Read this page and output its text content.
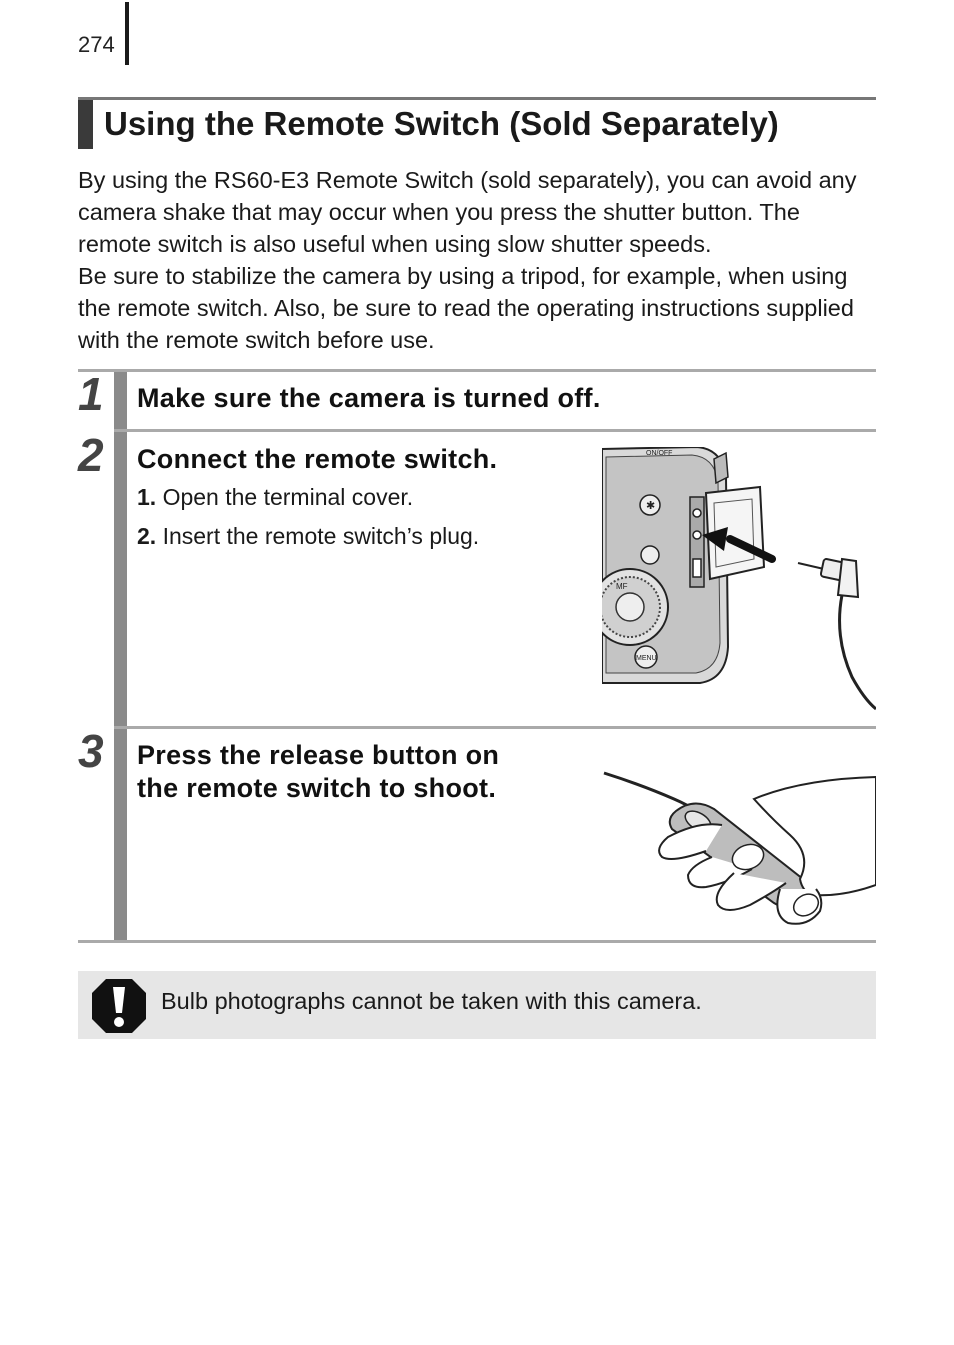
274
Using the Remote Switch (Sold Separately)

By using the RS60-E3 Remote Switch (sold separately), you can avoid any camera shake that may occur when you press the shutter button. The remote switch is also useful when using slow shutter speeds.

Be sure to stabilize the camera by using a tripod, for example, when using the remote switch. Also, be sure to read the operating instructions supplied with the remote switch before use.

1 Make sure the camera is turned off.
2 Connect the remote switch.
1. Open the terminal cover.
2. Insert the remote switch’s plug.
MF
✱
MENU
ON/OFF
3 Press the release button on
the remote switch to shoot.
Bulb photographs cannot be taken with this camera.
